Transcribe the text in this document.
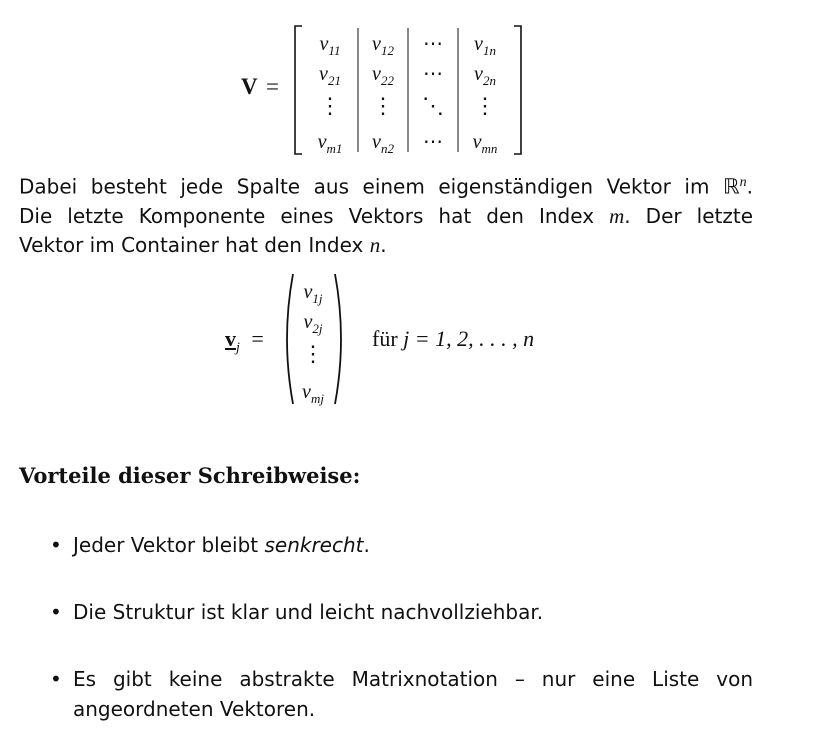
V =
$v_{11}$	$v_{12}$	⋯	$v_{1n}$
$v_{21}$	$v_{22}$	⋯	$v_{2n}$
⋮	⋮	⋱	⋮
$v_{m1}$	$v_{n2}$	⋯	$v_{mn}$

Dabei besteht jede Spalte aus einem eigenständigen Vektor im ℝ$^n$.
Die letzte Komponente eines Vektors hat den Index m. Der letzte
Vektor im Container hat den Index n.

$v_j$ =
$v_{1j}$
$v_{2j}$
⋮
$v_{mj}$
für j = 1, 2, . . . , n
Vorteile dieser Schreibweise:
• Jeder Vektor bleibt senkrecht.
• Die Struktur ist klar und leicht nachvollziehbar.
• Es gibt keine abstrakte Matrixnotation – nur eine Liste von
angeordneten Vektoren.
